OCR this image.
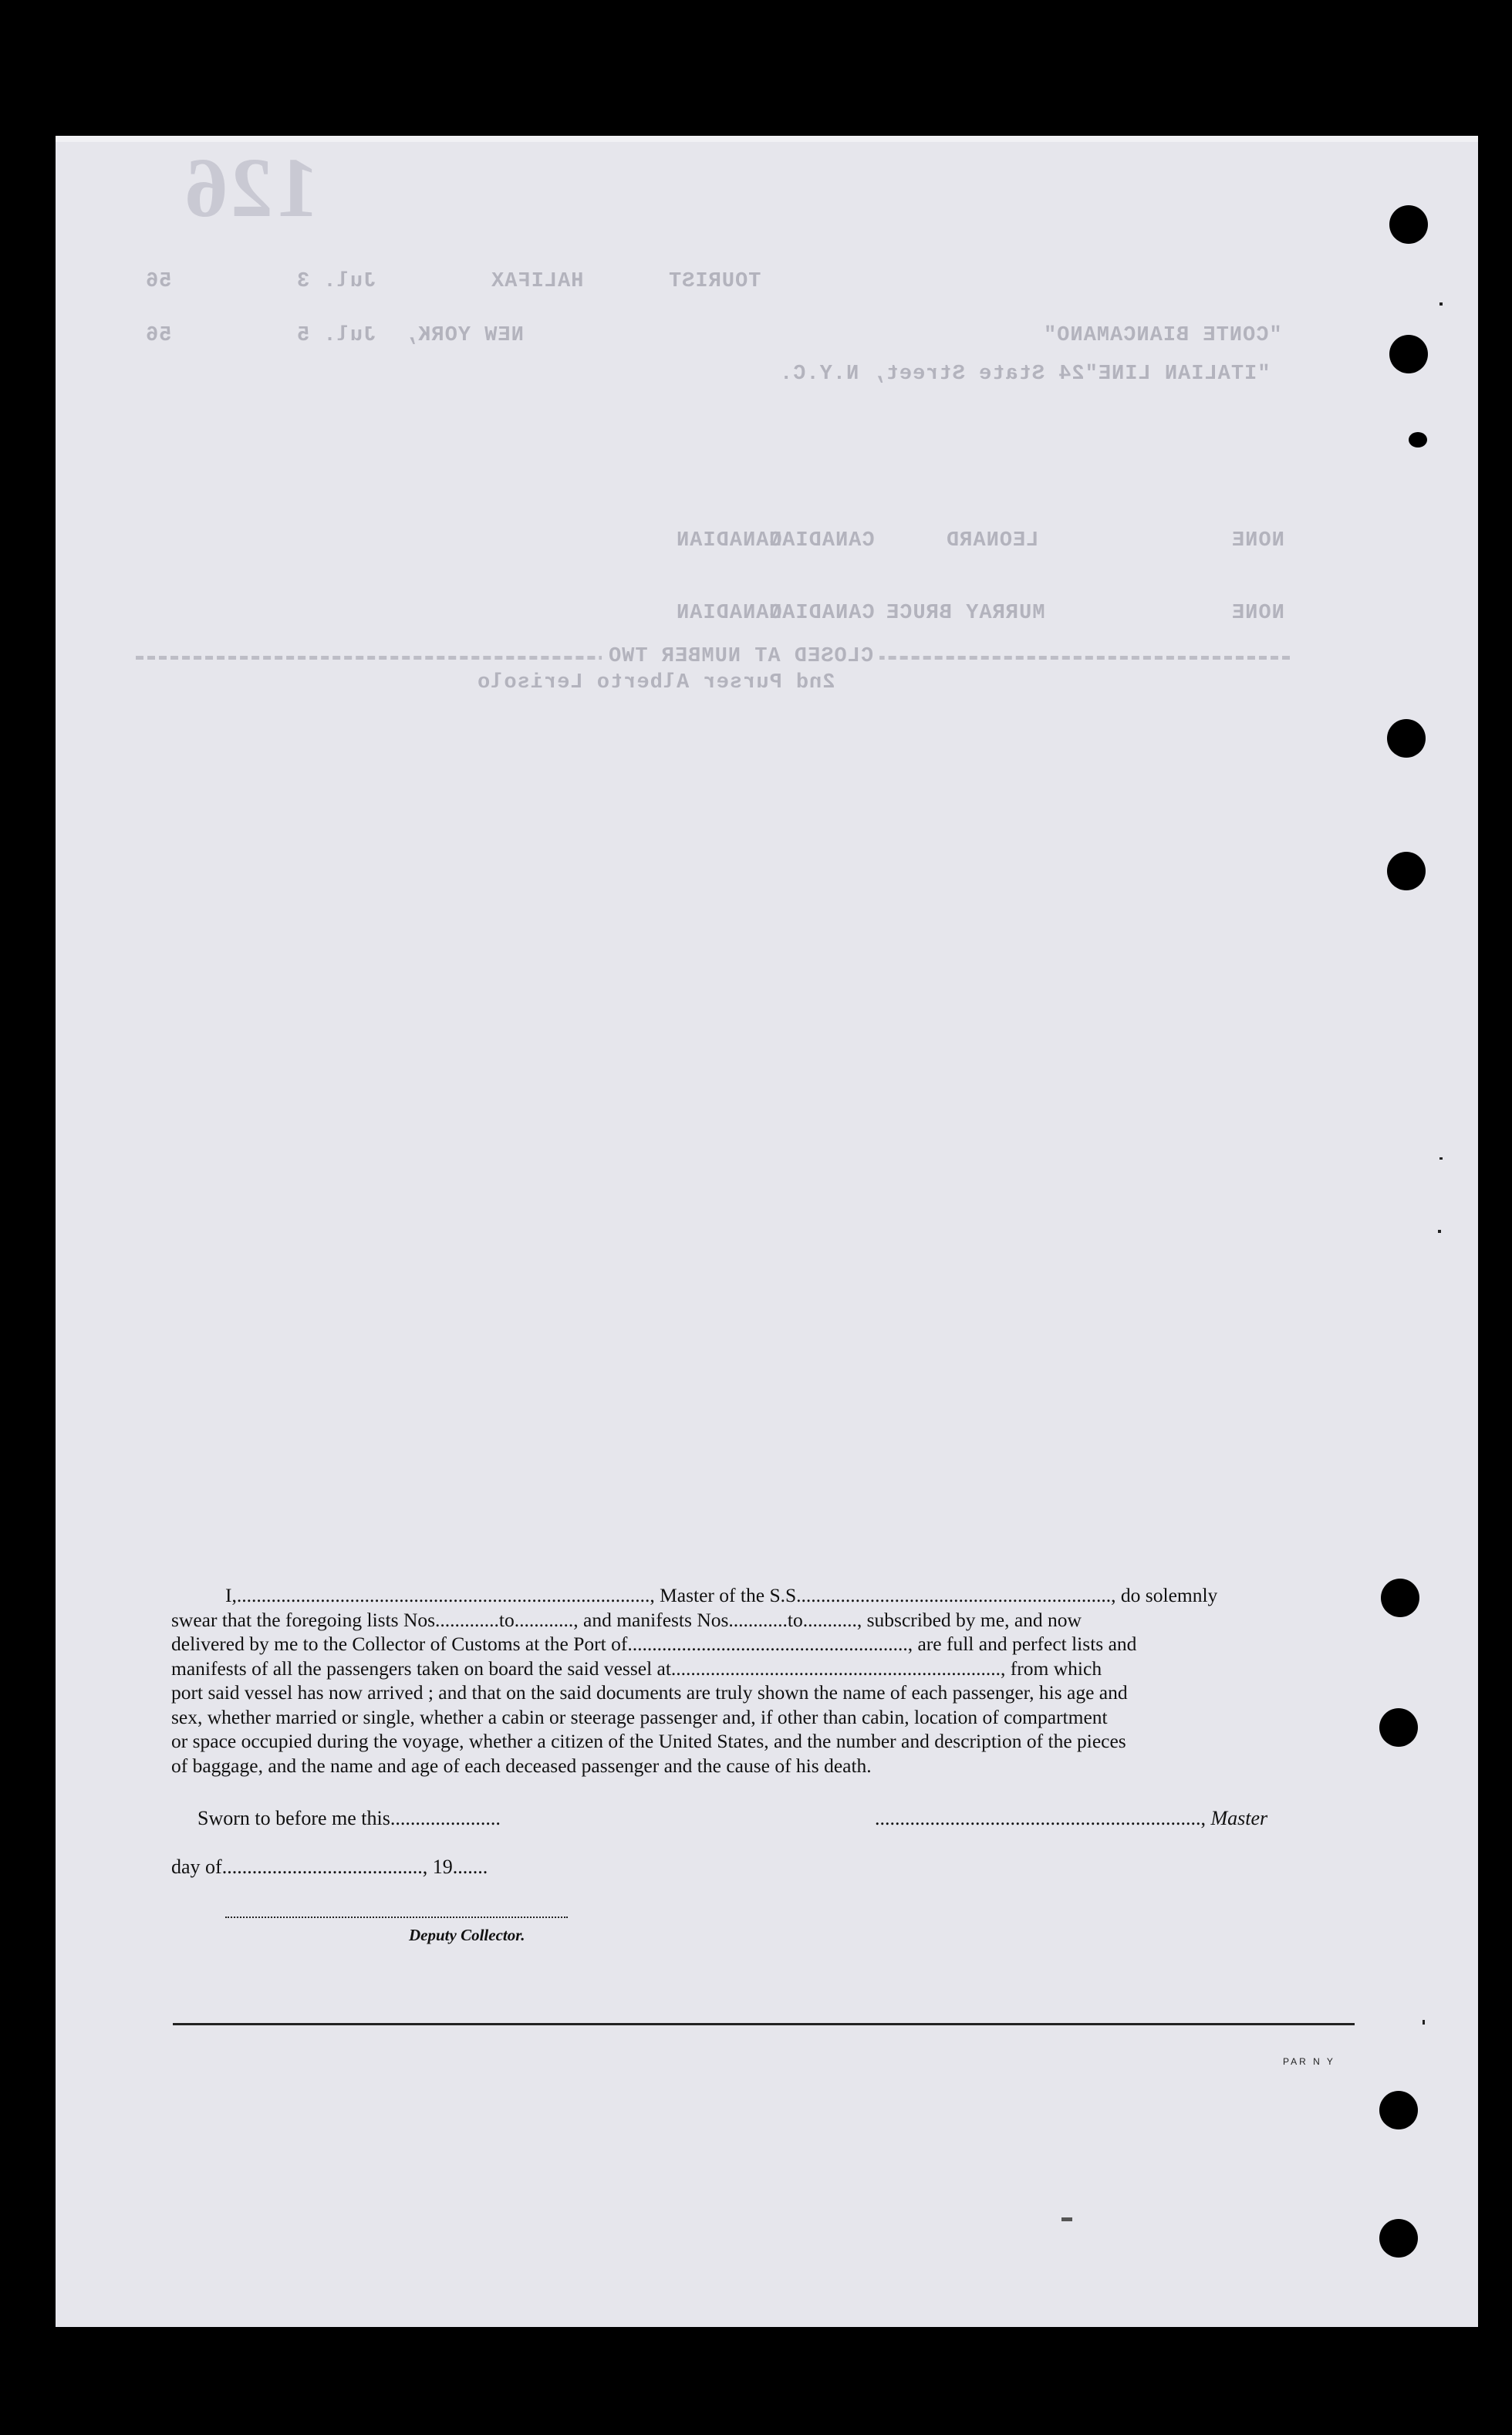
126
TOURIST
HALIFAX
Jul. 3
56
"CONTE BIANCAMANO"
NEW YORK,
Jul. 5
56
"ITALIAN LINE"24 State Street, N.Y.C.
NONE
LEONARD
CANADIAN
CANADIAN
NONE
MURRAY BRUCE
CANADIAN
CANADIAN
CLOSED AT NUMBER TWO
2nd Purser Alberto Lerisolo
I,...................................................................................., Master of the S.S................................................................, do solemnly
swear that the foregoing lists Nos.............to............, and manifests Nos............to..........., subscribed by me, and now
delivered by me to the Collector of Customs at the Port of........................................................., are full and perfect lists and
manifests of all the passengers taken on board the said vessel at..................................................................., from which
port said vessel has now arrived ; and that on the said documents are truly shown the name of each passenger, his age and
sex, whether married or single, whether a cabin or steerage passenger and, if other than cabin, location of compartment
or space occupied during the voyage, whether a citizen of the United States, and the number and description of the pieces
of baggage, and the name and age of each deceased passenger and the cause of his death.
Sworn to before me this......................	................................................................., Master
day of........................................, 19.......
Deputy Collector.
PAR N Y
